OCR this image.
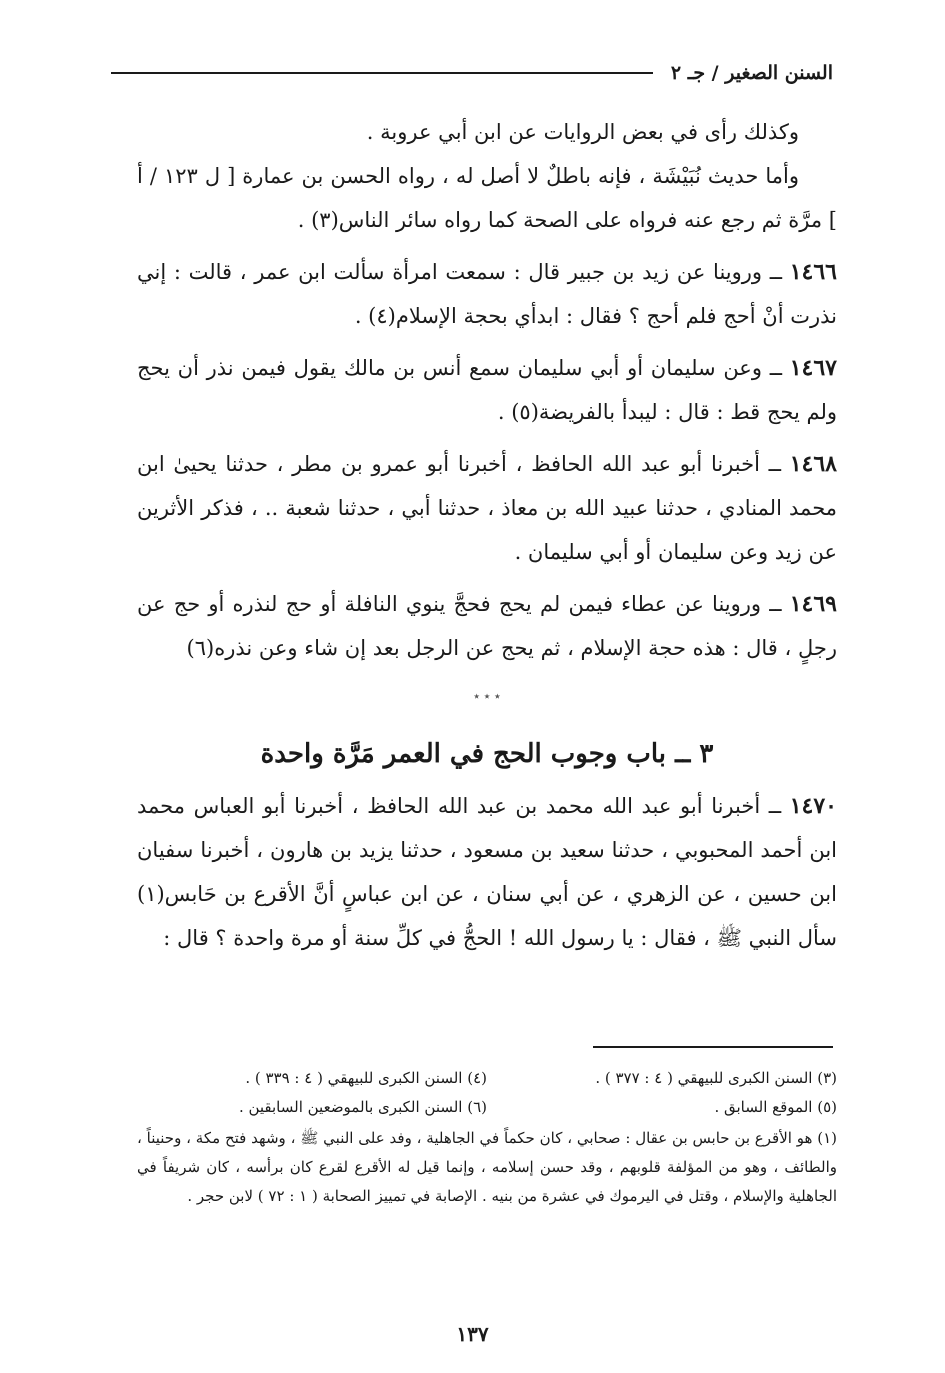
السنن الصغير / جـ ٢

وكذلك رأى في بعض الروايات عن ابن أبي عروبة .

وأما حديث نُبَيْشَة ، فإنه باطلٌ لا أصل له ، رواه الحسن بن عمارة [ ل ١٢٣ / أ ] مرَّة ثم رجع عنه فرواه على الصحة كما رواه سائر الناس(٣) .

١٤٦٦ ــ وروينا عن زيد بن جبير قال : سمعت امرأة سألت ابن عمر ، قالت : إني نذرت أنْ أحج فلم أحج ؟ فقال : ابدأي بحجة الإسلام(٤) .

١٤٦٧ ــ وعن سليمان أو أبي سليمان سمع أنس بن مالك يقول فيمن نذر أن يحج ولم يحج قط : قال : ليبدأ بالفريضة(٥) .

١٤٦٨ ــ أخبرنا أبو عبد الله الحافظ ، أخبرنا أبو عمرو بن مطر ، حدثنا يحيىٰ ابن محمد المنادي ، حدثنا عبيد الله بن معاذ ، حدثنا أبي ، حدثنا شعبة .. ، فذكر الأثرين عن زيد وعن سليمان أو أبي سليمان .

١٤٦٩ ــ وروينا عن عطاء فيمن لم يحج فحجَّ ينوي النافلة أو حج لنذره أو حج عن رجلٍ ، قال : هذه حجة الإسلام ، ثم يحج عن الرجل بعد إن شاء وعن نذره(٦)

٭ ٭ ٭
٣ ــ باب وجوب الحج في العمر مَرَّة واحدة

١٤٧٠ ــ أخبرنا أبو عبد الله محمد بن عبد الله الحافظ ، أخبرنا أبو العباس محمد ابن أحمد المحبوبي ، حدثنا سعيد بن مسعود ، حدثنا يزيد بن هارون ، أخبرنا سفيان ابن حسين ، عن الزهري ، عن أبي سنان ، عن ابن عباسٍ أنَّ الأقرع بن حَابس(١) سأل النبي ﷺ ، فقال : يا رسول الله ! الحجُّ في كلِّ سنة أو مرة واحدة ؟ قال :

(٣) السنن الكبرى للبيهقي ( ٤ : ٣٧٧ ) .
(٤) السنن الكبرى للبيهقي ( ٤ : ٣٣٩ ) .
(٥) الموقع السابق .
(٦) السنن الكبرى بالموضعين السابقين .
(١) هو الأقرع بن حابس بن عقال : صحابي ، كان حكماً في الجاهلية ، وفد على النبي ﷺ ، وشهد فتح مكة ، وحنيناً ، والطائف ، وهو من المؤلفة قلوبهم ، وقد حسن إسلامه ، وإنما قيل له الأقرع لقرع كان برأسه ، كان شريفاً في الجاهلية والإسلام ، وقتل في اليرموك في عشرة من بنيه . الإصابة في تمييز الصحابة ( ١ : ٧٢ ) لابن حجر .
١٣٧
